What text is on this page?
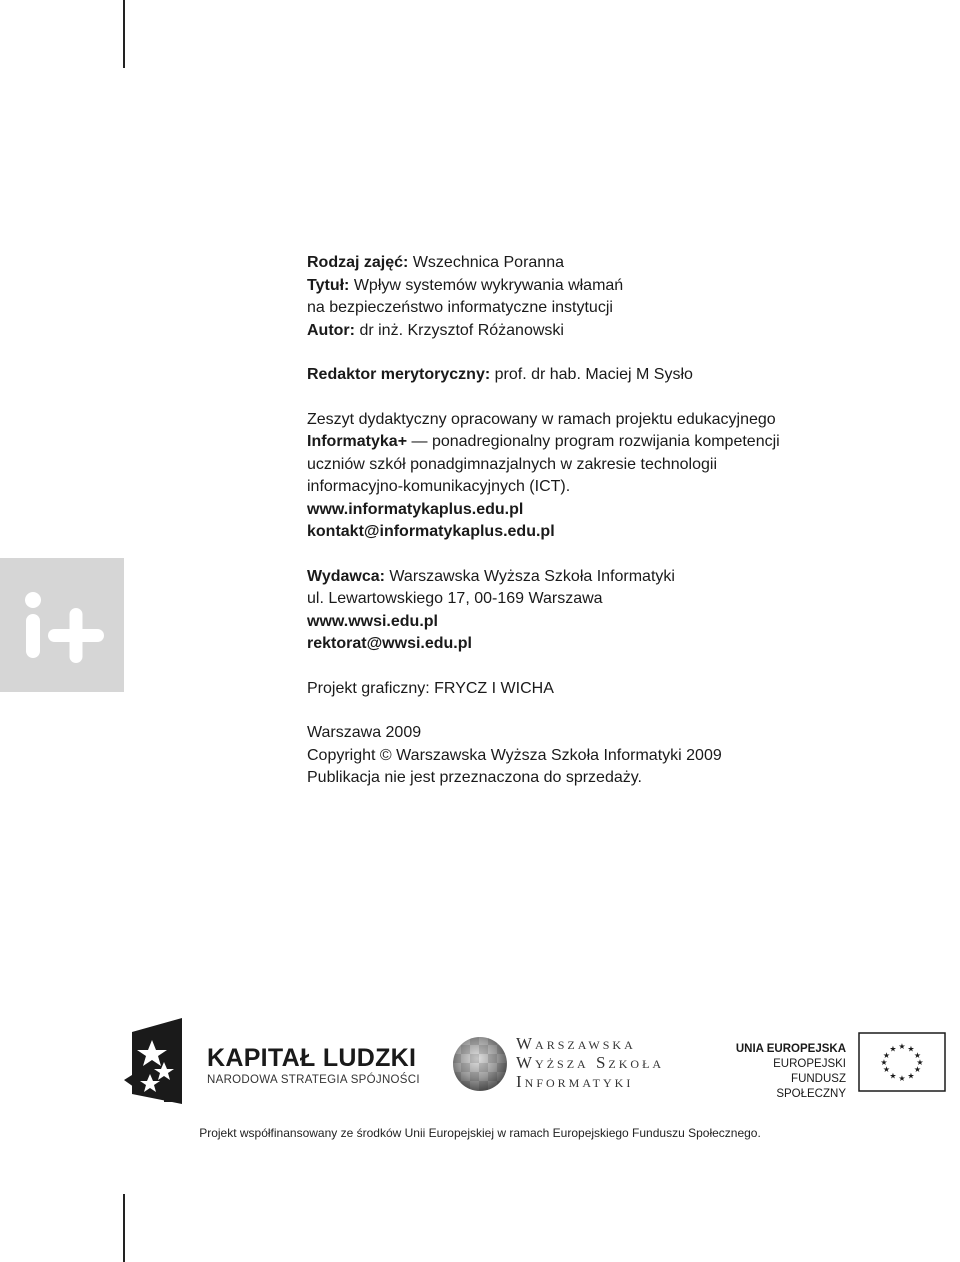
Rodzaj zajęć: Wszechnica Poranna

Tytuł: Wpływ systemów wykrywania włamań

na bezpieczeństwo informatyczne instytucji

Autor: dr inż. Krzysztof Różanowski

Redaktor merytoryczny: prof. dr hab. Maciej M Sysło

Zeszyt dydaktyczny opracowany w ramach projektu edukacyjnego

Informatyka+ — ponadregionalny program rozwijania kompetencji

uczniów szkół ponadgimnazjalnych w zakresie technologii

informacyjno-komunikacyjnych (ICT).

www.informatykaplus.edu.pl

kontakt@informatykaplus.edu.pl

Wydawca: Warszawska Wyższa Szkoła Informatyki

ul. Lewartowskiego 17, 00-169 Warszawa

www.wwsi.edu.pl

rektorat@wwsi.edu.pl

Projekt graficzny: FRYCZ I WICHA

Warszawa 2009

Copyright © Warszawska Wyższa Szkoła Informatyki 2009

Publikacja nie jest przeznaczona do sprzedaży.

KAPITAŁ LUDZKI
NARODOWA STRATEGIA SPÓJNOŚCI
Warszawska
Wyższa Szkoła
Informatyki
UNIA EUROPEJSKA
EUROPEJSKI
FUNDUSZ SPOŁECZNY
★ ★
★
★
★
★
★
★
★
★
★
★
Projekt współfinansowany ze środków Unii Europejskiej w ramach Europejskiego Funduszu Społecznego.
